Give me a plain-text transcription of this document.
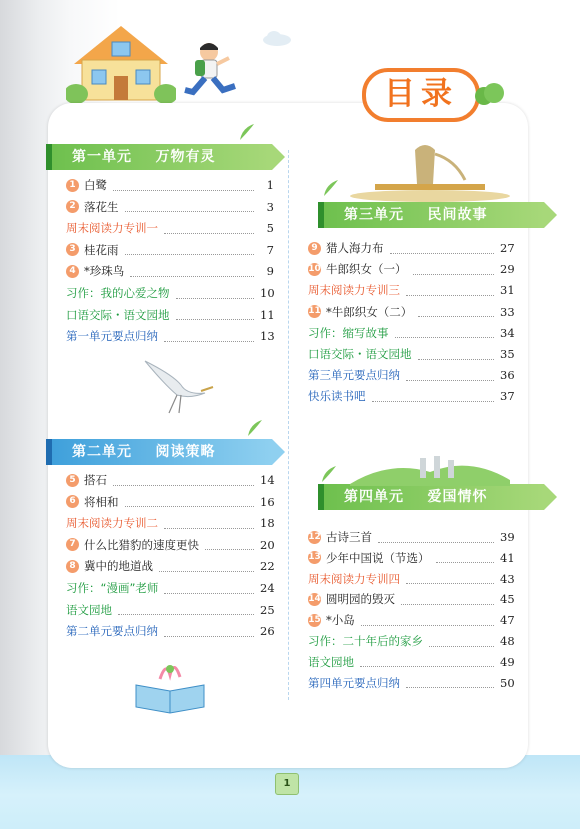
1
目录
第一单元    万物有灵
第二单元    阅读策略
第三单元    民间故事
第四单元    爱国情怀
1 白鹭	1
2 落花生	3
周末阅读力专训一	5
3 桂花雨	7
4 *珍珠鸟	9
习作：我的心爱之物	10
口语交际・语文园地	11
第一单元要点归纳	13
5 搭石	14
6 将相和	16
周末阅读力专训二	18
7 什么比猎豹的速度更快	20
8 冀中的地道战	22
习作：“漫画”老师	24
语文园地	25
第二单元要点归纳	26
9 猎人海力布	27
10 牛郎织女（一）	29
周末阅读力专训三	31
11 *牛郎织女（二）	33
习作：缩写故事	34
口语交际・语文园地	35
第三单元要点归纳	36
快乐读书吧	37
12 古诗三首	39
13 少年中国说（节选）	41
周末阅读力专训四	43
14 圆明园的毁灭	45
15 *小岛	47
习作：二十年后的家乡	48
语文园地	49
第四单元要点归纳	50
